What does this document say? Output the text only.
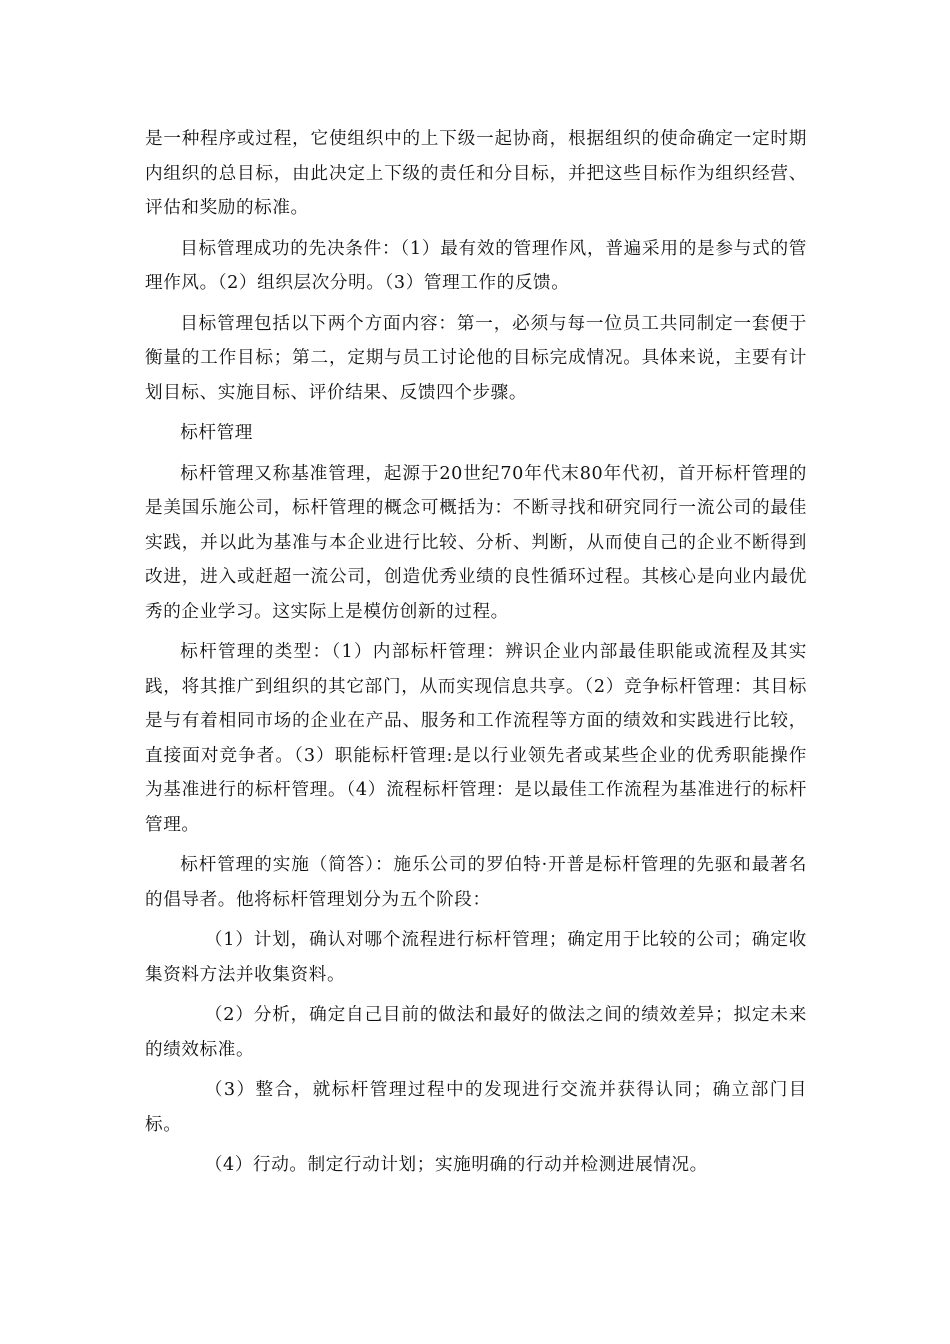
是一种程序或过程，它使组织中的上下级一起协商，根据组织的使命确定一定时期内组织的总目标，由此决定上下级的责任和分目标，并把这些目标作为组织经营、评估和奖励的标准。

目标管理成功的先决条件：（1）最有效的管理作风，普遍采用的是参与式的管理作风。（2）组织层次分明。（3）管理工作的反馈。

目标管理包括以下两个方面内容：第一，必须与每一位员工共同制定一套便于衡量的工作目标；第二，定期与员工讨论他的目标完成情况。具体来说，主要有计划目标、实施目标、评价结果、反馈四个步骤。

标杆管理

标杆管理又称基准管理，起源于20世纪70年代末80年代初，首开标杆管理的是美国乐施公司，标杆管理的概念可概括为：不断寻找和研究同行一流公司的最佳实践，并以此为基准与本企业进行比较、分析、判断，从而使自己的企业不断得到改进，进入或赶超一流公司，创造优秀业绩的良性循环过程。其核心是向业内最优秀的企业学习。这实际上是模仿创新的过程。

标杆管理的类型：（1）内部标杆管理：辨识企业内部最佳职能或流程及其实践，将其推广到组织的其它部门，从而实现信息共享。（2）竞争标杆管理：其目标是与有着相同市场的企业在产品、服务和工作流程等方面的绩效和实践进行比较，直接面对竞争者。（3）职能标杆管理:是以行业领先者或某些企业的优秀职能操作为基准进行的标杆管理。（4）流程标杆管理：是以最佳工作流程为基准进行的标杆管理。

标杆管理的实施（简答）：施乐公司的罗伯特·开普是标杆管理的先驱和最著名的倡导者。他将标杆管理划分为五个阶段：

（1）计划，确认对哪个流程进行标杆管理；确定用于比较的公司；确定收集资料方法并收集资料。

（2）分析，确定自己目前的做法和最好的做法之间的绩效差异；拟定未来的绩效标准。

（3）整合，就标杆管理过程中的发现进行交流并获得认同；确立部门目标。

（4）行动。制定行动计划；实施明确的行动并检测进展情况。
